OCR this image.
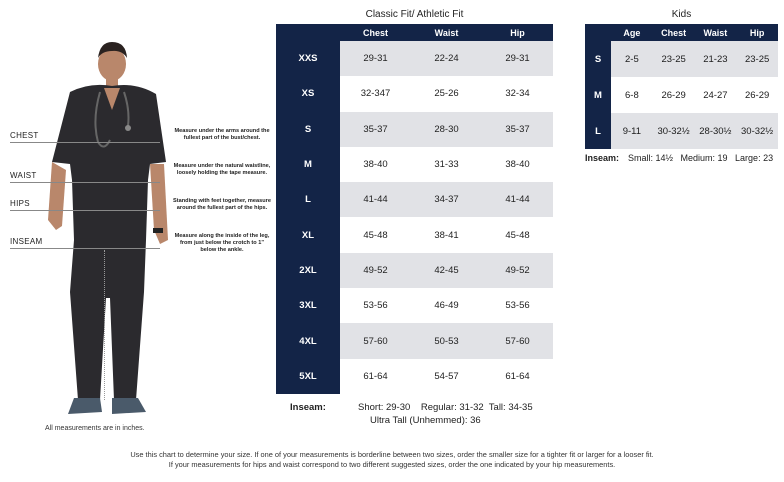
CHEST
WAIST
HIPS
INSEAM
Measure under the arms around the fullest part of the bust/chest.
Measure under the natural waistline, loosely holding the tape measure.
Standing with feet together, measure around the fullest part of the hips.
Measure along the inside of the leg, from just below the crotch to 1" below the ankle.
All measurements are in inches.
Classic Fit/ Athletic Fit
Chest	Waist	Hip
XXS	29-31	22-24	29-31
XS	32-347	25-26	32-34
S	35-37	28-30	35-37
M	38-40	31-33	38-40
L	41-44	34-37	41-44
XL	45-48	38-41	45-48
2XL	49-52	42-45	49-52
3XL	53-56	46-49	53-56
4XL	57-60	50-53	57-60
5XL	61-64	54-57	61-64
Inseam:	Short: 29-30    Regular: 31-32  Tall: 34-35
Ultra Tall (Unhemmed): 36
Kids
Age	Chest	Waist	Hip
S	2-5	23-25	21-23	23-25
M	6-8	26-29	24-27	26-29
L	9-11	30-32½	28-30½	30-32½
Inseam: Small: 14½   Medium: 19   Large: 23
Use this chart to determine your size. If one of your measurements is borderline between two sizes, order the smaller size for a tighter fit or larger for a looser fit.
If your measurements for hips and waist correspond to two different suggested sizes, order the one indicated by your hip measurements.
